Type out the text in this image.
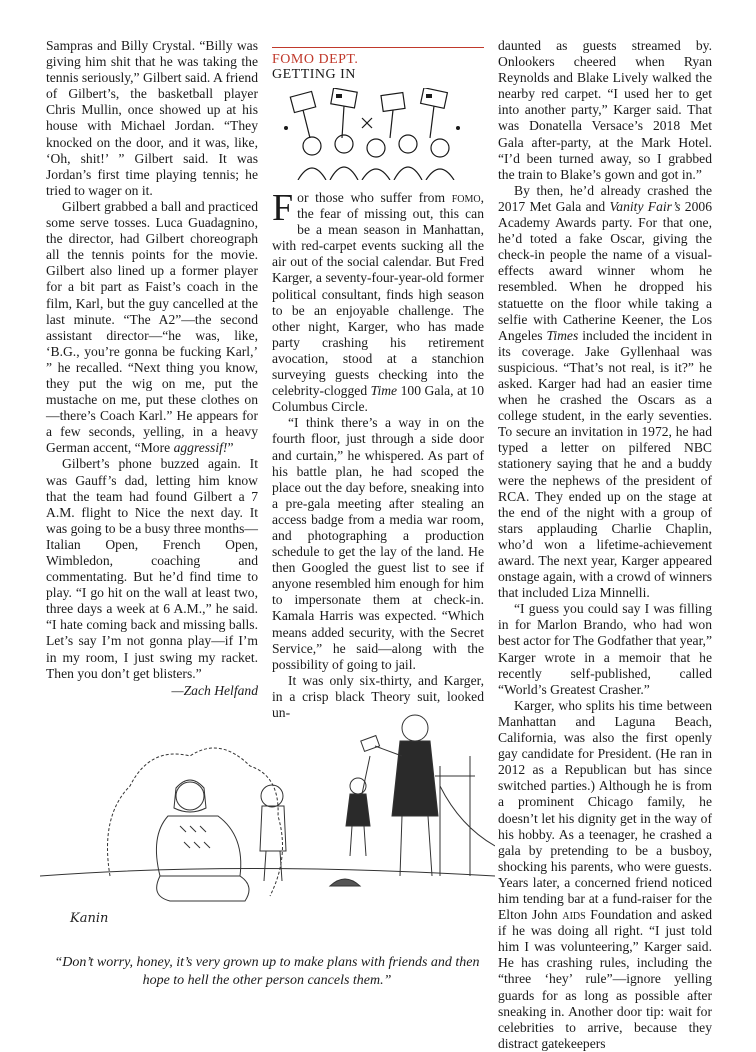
Sampras and Billy Crystal. “Billy was giving him shit that he was taking the tennis seriously,” Gilbert said. A friend of Gilbert’s, the basketball player Chris Mullin, once showed up at his house with Michael Jordan. “They knocked on the door, and it was, like, ‘Oh, shit!’ ” Gilbert said. It was Jordan’s first time playing tennis; he tried to wager on it.

Gilbert grabbed a ball and practiced some serve tosses. Luca Guadagnino, the director, had Gilbert choreograph all the tennis points for the movie. Gilbert also lined up a former player for a bit part as Faist’s coach in the film, Karl, but the guy cancelled at the last minute. “The A2”—the second assistant director—“he was, like, ‘B.G., you’re gonna be fucking Karl,’ ” he recalled. “Next thing you know, they put the wig on me, put the mustache on me, put these clothes on—there’s Coach Karl.” He appears for a few seconds, yelling, in a heavy German accent, “More aggressif!”

Gilbert’s phone buzzed again. It was Gauff’s dad, letting him know that the team had found Gilbert a 7 A.M. flight to Nice the next day. It was going to be a busy three months—Italian Open, French Open, Wimbledon, coaching and commentating. But he’d find time to play. “I go hit on the wall at least two, three days a week at 6 A.M.,” he said. “I hate coming back and missing balls. Let’s say I’m not gonna play—if I’m in my room, I just swing my racket. Then you don’t get blisters.”

—Zach Helfand
FOMO DEPT.
GETTING IN

For those who suffer from fomo, the fear of missing out, this can be a mean season in Manhattan, with red-carpet events sucking all the air out of the social calendar. But Fred Karger, a seventy-four-year-old former political consultant, finds high season to be an enjoyable challenge. The other night, Karger, who has made party crashing his retirement avocation, stood at a stanchion surveying guests checking into the celebrity-clogged Time 100 Gala, at 10 Columbus Circle.

“I think there’s a way in on the fourth floor, just through a side door and curtain,” he whispered. As part of his battle plan, he had scoped the place out the day before, sneaking into a pre-gala meeting after stealing an access badge from a media war room, and photographing a production schedule to get the lay of the land. He then Googled the guest list to see if anyone resembled him enough for him to impersonate them at check-in. Kamala Harris was expected. “Which means added security, with the Secret Service,” he said—along with the possibility of going to jail.

It was only six-thirty, and Karger, in a crisp black Theory suit, looked un-

daunted as guests streamed by. Onlookers cheered when Ryan Reynolds and Blake Lively walked the nearby red carpet. “I used her to get into another party,” Karger said. That was Donatella Versace’s 2018 Met Gala after-party, at the Mark Hotel. “I’d been turned away, so I grabbed the train to Blake’s gown and got in.”

By then, he’d already crashed the 2017 Met Gala and Vanity Fair’s 2006 Academy Awards party. For that one, he’d toted a fake Oscar, giving the check-in people the name of a visual-effects award winner whom he resembled. When he dropped his statuette on the floor while taking a selfie with Catherine Keener, the Los Angeles Times included the incident in its coverage. Jake Gyllenhaal was suspicious. “That’s not real, is it?” he asked. Karger had had an easier time when he crashed the Oscars as a college student, in the early seventies. To secure an invitation in 1972, he had typed a letter on pilfered NBC stationery saying that he and a buddy were the nephews of the president of RCA. They ended up on the stage at the end of the night with a group of stars applauding Charlie Chaplin, who’d won a lifetime-achievement award. The next year, Karger appeared onstage again, with a crowd of winners that included Liza Minnelli.

“I guess you could say I was filling in for Marlon Brando, who had won best actor for The Godfather that year,” Karger wrote in a memoir that he recently self-published, called “World’s Greatest Crasher.”

Karger, who splits his time between Manhattan and Laguna Beach, California, was also the first openly gay candidate for President. (He ran in 2012 as a Republican but has since switched parties.) Although he is from a prominent Chicago family, he doesn’t let his dignity get in the way of his hobby. As a teenager, he crashed a gala by pretending to be a busboy, shocking his parents, who were guests. Years later, a concerned friend noticed him tending bar at a fund-raiser for the Elton John aids Foundation and asked if he was doing all right. “I just told him I was volunteering,” Karger said. He has crashing rules, including the “three ‘hey’ rule”—ignore yelling guards for as long as possible after sneaking in. Another door tip: wait for celebrities to arrive, because they distract gatekeepers

Kanin
“Don’t worry, honey, it’s very grown up to make plans with friends and then hope to hell the other person cancels them.”
